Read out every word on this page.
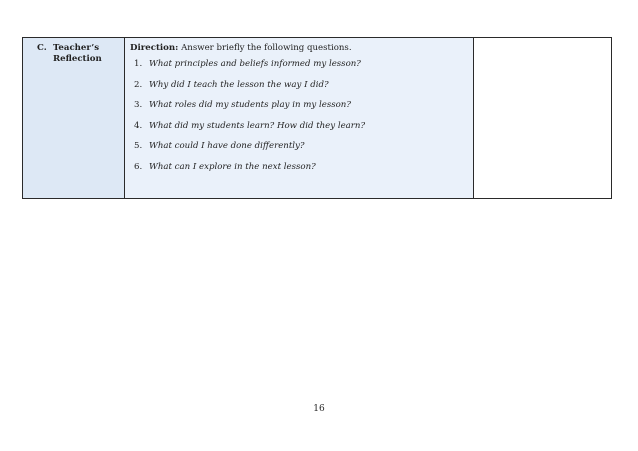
C. Teacher’s
Reflection

Direction: Answer briefly the following questions.
1. What principles and beliefs informed my lesson?
2. Why did I teach the lesson the way I did?
3. What roles did my students play in my lesson?
4. What did my students learn? How did they learn?
5. What could I have done differently?
6. What can I explore in the next lesson?

16
